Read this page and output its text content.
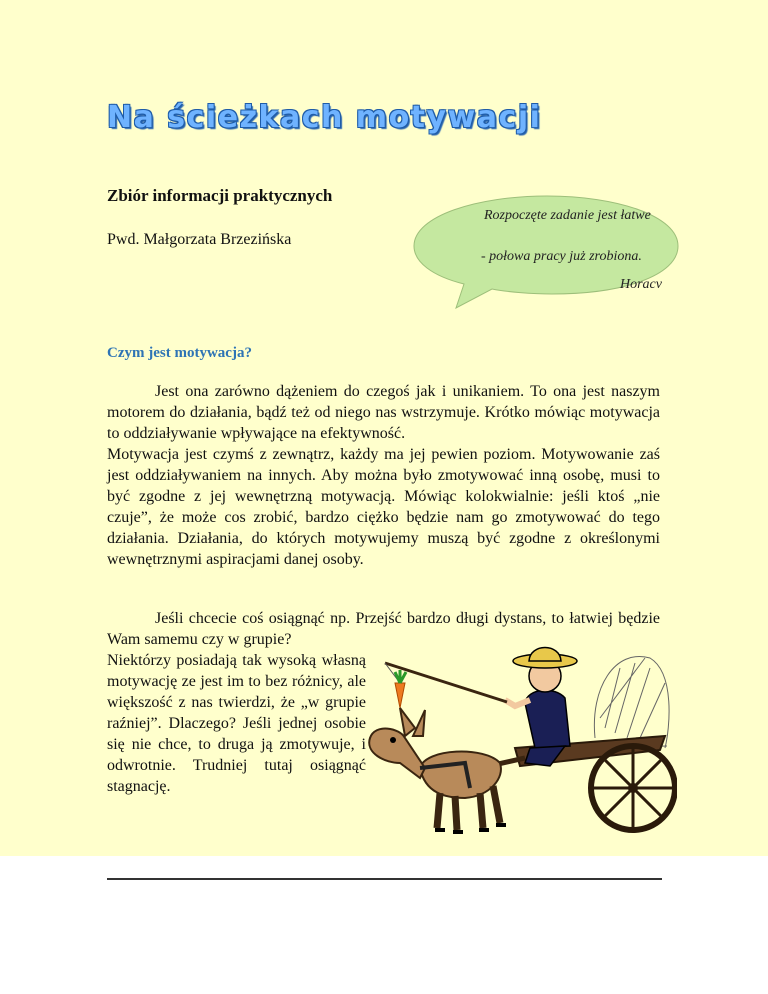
Na ścieżkach motywacji
Zbiór informacji praktycznych
Pwd. Małgorzata Brzezińska
Rozpoczęte zadanie jest łatwe
- połowa pracy już zrobiona.
Horacv
Czym jest motywacja?

Jest ona zarówno dążeniem do czegoś jak i unikaniem. To ona jest naszym motorem do działania, bądź też od niego nas wstrzymuje. Krótko mówiąc motywacja to oddziaływanie wpływające na efektywność.

Motywacja jest czymś z zewnątrz, każdy ma jej pewien poziom. Motywowanie zaś jest oddziaływaniem na innych. Aby można było zmotywować inną osobę, musi to być zgodne z jej wewnętrzną motywacją. Mówiąc kolokwialnie: jeśli ktoś „nie czuje”, że może cos zrobić, bardzo ciężko będzie nam go zmotywować do tego działania. Działania, do których motywujemy muszą być zgodne z określonymi wewnętrznymi aspiracjami danej osoby.

Jeśli chcecie coś osiągnąć np. Przejść bardzo długi dystans, to łatwiej będzie Wam samemu czy w grupie?

Niektórzy posiadają tak wysoką własną motywację ze jest im to bez różnicy, ale większość z nas twierdzi, że „w grupie raźniej”. Dlaczego? Jeśli jednej osobie się nie chce, to druga ją zmotywuje, i odwrotnie. Trudniej tutaj osiągnąć stagnację.
